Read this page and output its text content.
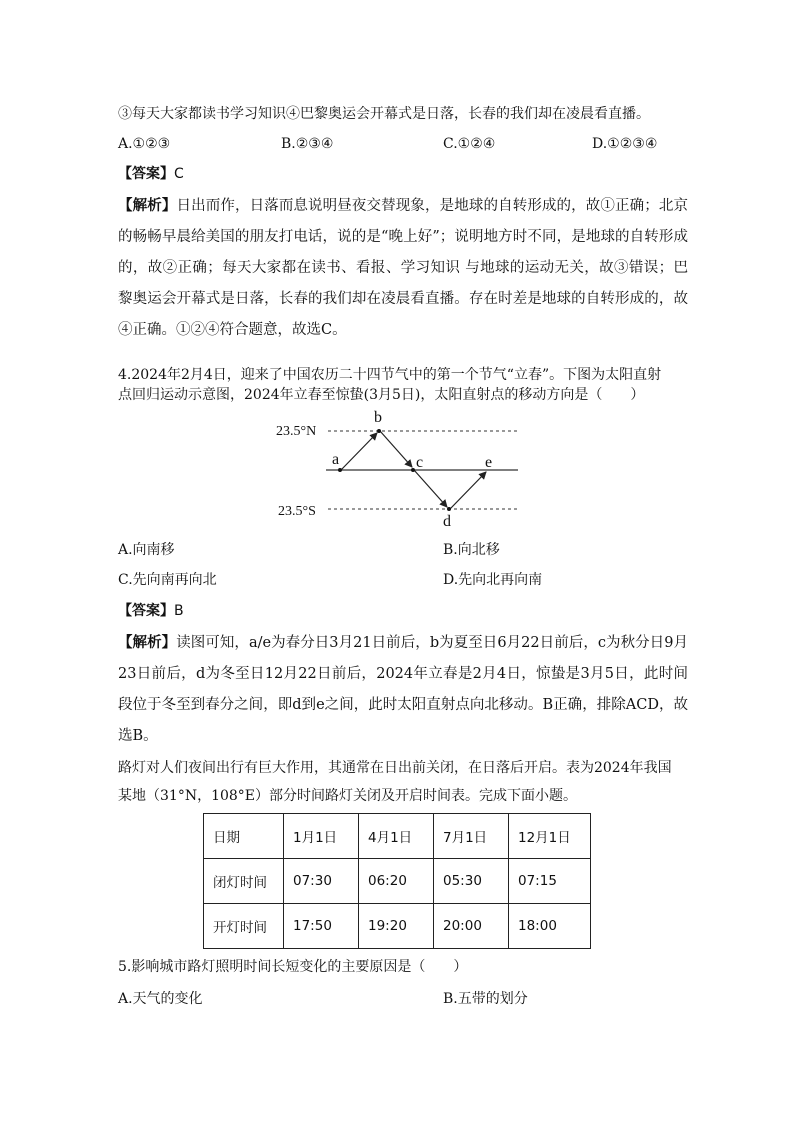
③每天大家都读书学习知识④巴黎奥运会开幕式是日落，长春的我们却在凌晨看直播。
A.①②③	B.②③④	C.①②④	D.①②③④
【答案】C
【解析】日出而作，日落而息说明昼夜交替现象，是地球的自转形成的，故①正确；北京的畅畅早晨给美国的朋友打电话，说的是“晚上好”；说明地方时不同，是地球的自转形成的，故②正确；每天大家都在读书、看报、学习知识 与地球的运动无关，故③错误；巴黎奥运会开幕式是日落，长春的我们却在凌晨看直播。存在时差是地球的自转形成的，故④正确。①②④符合题意，故选C。
4.2024年2月4日，迎来了中国农历二十四节气中的第一个节气“立春”。下图为太阳直射
点回归运动示意图，2024年立春至惊蛰(3月5日)，太阳直射点的移动方向是（　　）
23.5°N
23.5°S
a
b
c
d
e
A.向南移	B.向北移
C.先向南再向北	D.先向北再向南
【答案】B
【解析】读图可知，a/e为春分日3月21日前后，b为夏至日6月22日前后，c为秋分日9月23日前后，d为冬至日12月22日前后，2024年立春是2月4日，惊蛰是3月5日，此时间段位于冬至到春分之间，即d到e之间，此时太阳直射点向北移动。B正确，排除ACD，故选B。
路灯对人们夜间出行有巨大作用，其通常在日出前关闭，在日落后开启。表为2024年我国
某地（31°N，108°E）部分时间路灯关闭及开启时间表。完成下面小题。
日期	1月1日	4月1日	7月1日	12月1日
闭灯时间	07:30	06:20	05:30	07:15
开灯时间	17:50	19:20	20:00	18:00
5.影响城市路灯照明时间长短变化的主要原因是（　　）
A.天气的变化	B.五带的划分
